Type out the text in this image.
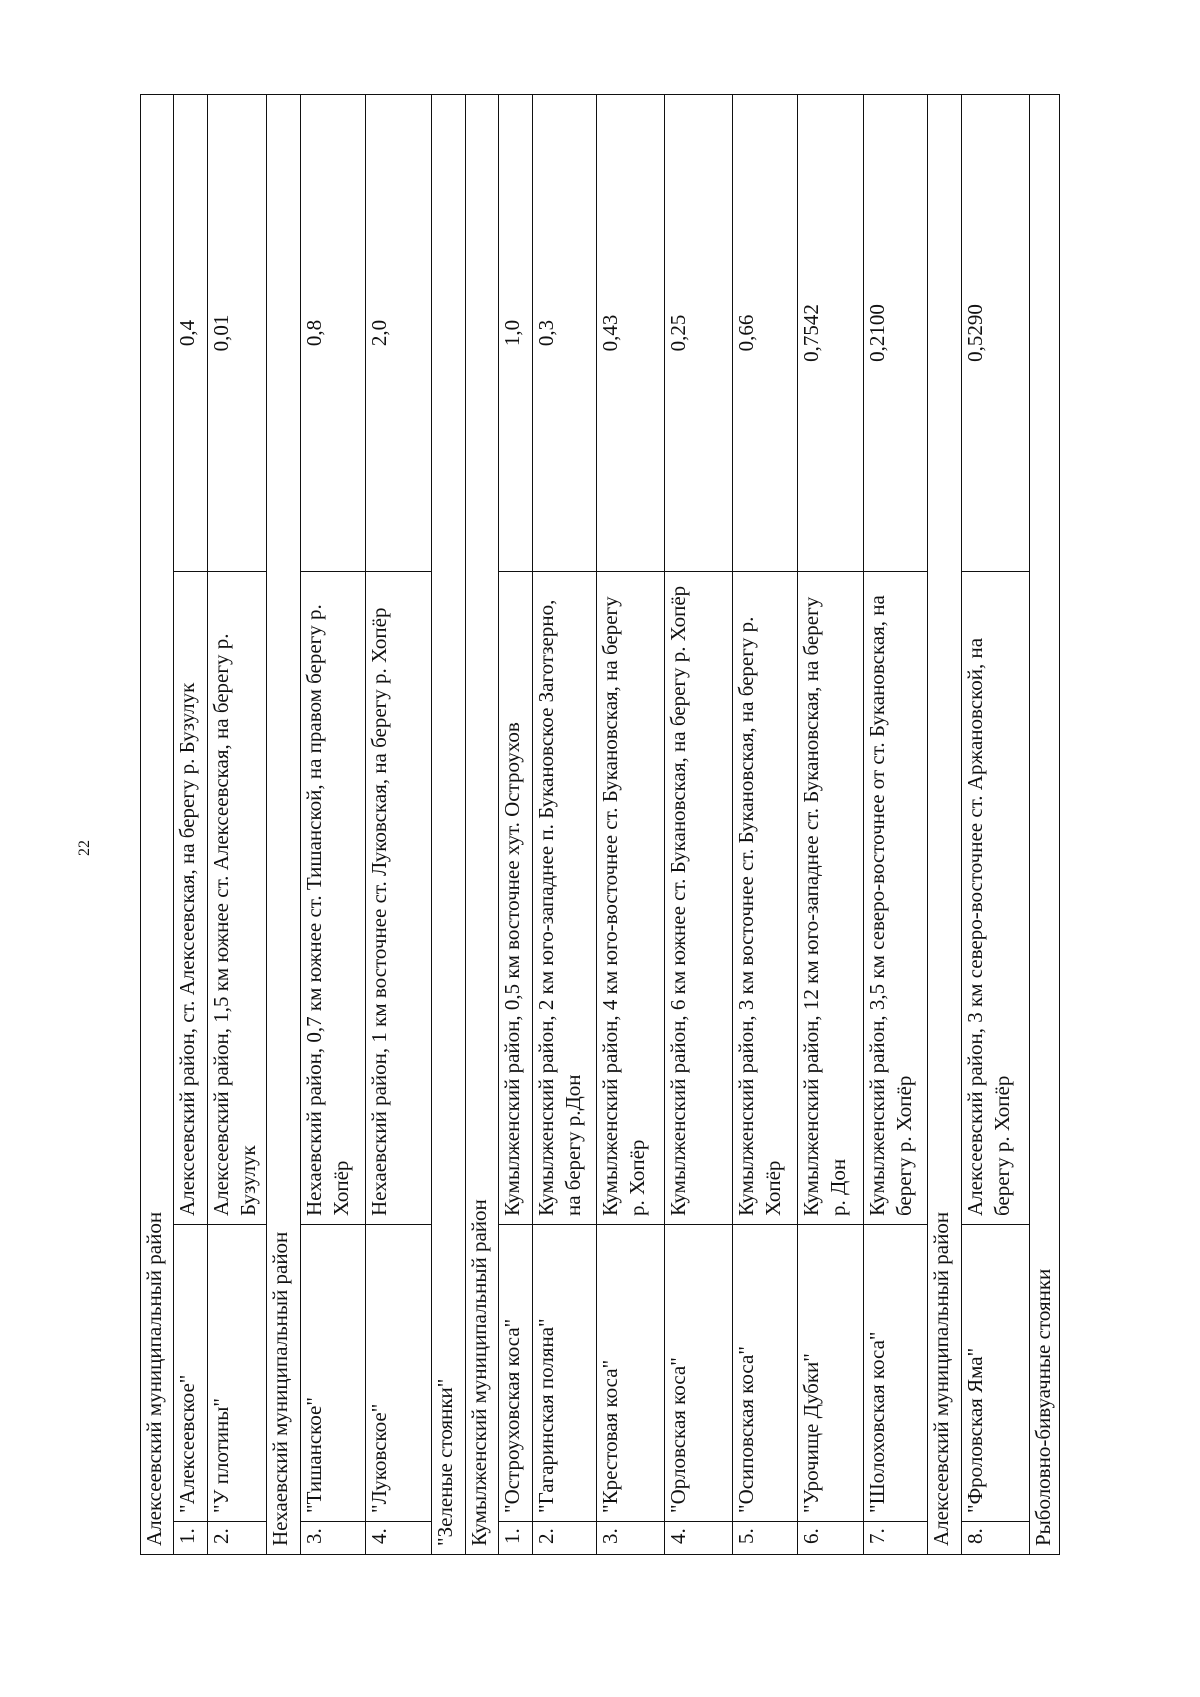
22
Алексеевский муниципальный район			
1.	"Алексеевское"	Алексеевский район, ст. Алексеевская, на берегу р. Бузулук	0,4
2.	"У плотины"	Алексеевский район, 1,5 км южнее ст. Алексеевская, на берегу р. Бузулук	0,01
Нехаевский муниципальный район			
3.	"Тишанское"	Нехаевский район, 0,7 км южнее ст. Тишанской, на правом берегу р. Хопёр	0,8
4.	"Луковское"	Нехаевский район, 1 км восточнее ст. Луковская, на берегу р. Хопёр	2,0
"Зеленые стоянки"			
Кумылженский муниципальный район			
1.	"Остроуховская коса"	Кумылженский район, 0,5 км восточнее хут. Остроухов	1,0
2.	"Гагаринская поляна"	Кумылженский район, 2 км юго-западнее п. Букановское Заготзерно, на берегу р.Дон	0,3
3.	"Крестовая коса"	Кумылженский район, 4 км юго-восточнее ст. Букановская, на берегу р. Хопёр	0,43
4.	"Орловская коса"	Кумылженский район, 6 км южнее ст. Букановская, на берегу р. Хопёр	0,25
5.	"Осиповская коса"	Кумылженский район, 3 км восточнее ст. Букановская, на берегу р. Хопёр	0,66
6.	"Урочище Дубки"	Кумылженский район, 12 км юго-западнее ст. Букановская, на берегу р. Дон	0,7542
7.	"Шолоховская коса"	Кумылженский район, 3,5 км северо-восточнее от ст. Букановская, на берегу р. Хопёр	0,2100
Алексеевский муниципальный район			
8.	"Фроловская Яма"	Алексеевский район, 3 км северо-восточнее ст. Аржановской, на берегу р. Хопёр	0,5290
Рыболовно-бивуачные стоянки			
